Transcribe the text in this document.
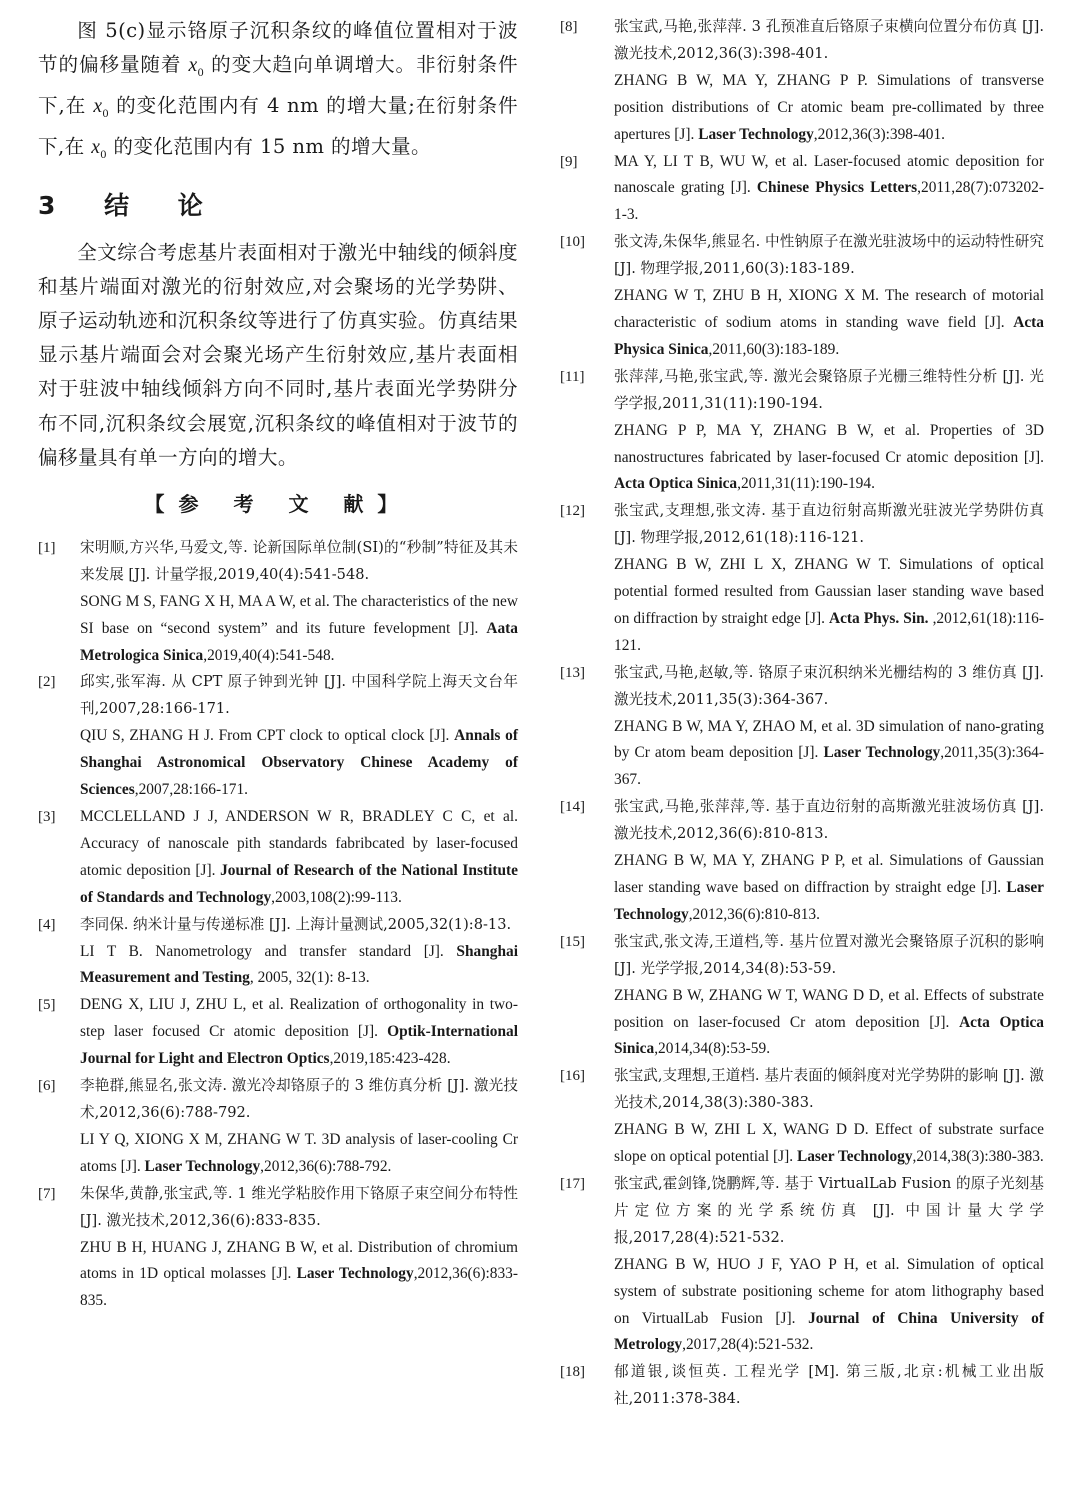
图 5(c)显示铬原子沉积条纹的峰值位置相对于波节的偏移量随着 $x_0$ 的变大趋向单调增大。非衍射条件下,在 $x_0$ 的变化范围内有 4 nm 的增大量;在衍射条件下,在 $x_0$ 的变化范围内有 15 nm 的增大量。

3 结 论

全文综合考虑基片表面相对于激光中轴线的倾斜度和基片端面对激光的衍射效应,对会聚场的光学势阱、原子运动轨迹和沉积条纹等进行了仿真实验。仿真结果显示基片端面会对会聚光场产生衍射效应,基片表面相对于驻波中轴线倾斜方向不同时,基片表面光学势阱分布不同,沉积条纹会展宽,沉积条纹的峰值相对于波节的偏移量具有单一方向的增大。

【参 考 文 献】
[1] 宋明顺,方兴华,马爱文,等. 论新国际单位制(SI)的“秒制”特征及其未来发展 [J]. 计量学报,2019,40(4):541-548.
SONG M S, FANG X H, MA A W, et al. The characteristics of the new SI base on “second system” and its future fevelopment [J]. Aata Metrologica Sinica,2019,40(4):541-548.
[2] 邱实,张军海. 从 CPT 原子钟到光钟 [J]. 中国科学院上海天文台年刊,2007,28:166-171.
QIU S, ZHANG H J. From CPT clock to optical clock [J]. Annals of Shanghai Astronomical Observatory Chinese Academy of Sciences,2007,28:166-171.
[3] MCCLELLAND J J, ANDERSON W R, BRADLEY C C, et al. Accuracy of nanoscale pith standards fabribcated by laser-focused atomic deposition [J]. Journal of Research of the National Institute of Standards and Technology,2003,108(2):99-113.
[4] 李同保. 纳米计量与传递标准 [J]. 上海计量测试,2005,32(1):8-13.
LI T B. Nanometrology and transfer standard [J]. Shanghai Measurement and Testing, 2005, 32(1): 8-13.
[5] DENG X, LIU J, ZHU L, et al. Realization of orthogonality in two-step laser focused Cr atomic deposition [J]. Optik-International Journal for Light and Electron Optics,2019,185:423-428.
[6] 李艳群,熊显名,张文涛. 激光冷却铬原子的 3 维仿真分析 [J]. 激光技术,2012,36(6):788-792.
LI Y Q, XIONG X M, ZHANG W T. 3D analysis of laser-cooling Cr atoms [J]. Laser Technology,2012,36(6):788-792.
[7] 朱保华,黄静,张宝武,等. 1 维光学粘胶作用下铬原子束空间分布特性 [J]. 激光技术,2012,36(6):833-835.
ZHU B H, HUANG J, ZHANG B W, et al. Distribution of chromium atoms in 1D optical molasses [J]. Laser Technology,2012,36(6):833-835.
[8]	张宝武,马艳,张萍萍. 3 孔预准直后铬原子束横向位置分布仿真 [J]. 激光技术,2012,36(3):398-401.
ZHANG B W, MA Y, ZHANG P P. Simulations of transverse position distributions of Cr atomic beam pre-collimated by three apertures [J]. Laser Technology,2012,36(3):398-401.
[9] MA Y, LI T B, WU W, et al. Laser-focused atomic deposition for nanoscale grating [J]. Chinese Physics Letters,2011,28(7):073202-1-3.
[10] 张文涛,朱保华,熊显名. 中性钠原子在激光驻波场中的运动特性研究 [J]. 物理学报,2011,60(3):183-189.
ZHANG W T, ZHU B H, XIONG X M. The research of motorial characteristic of sodium atoms in standing wave field [J]. Acta Physica Sinica,2011,60(3):183-189.
[11] 张萍萍,马艳,张宝武,等. 激光会聚铬原子光栅三维特性分析 [J]. 光学学报,2011,31(11):190-194.
ZHANG P P, MA Y, ZHANG B W, et al. Properties of 3D nanostructures fabricated by laser-focused Cr atomic deposition [J]. Acta Optica Sinica,2011,31(11):190-194.
[12] 张宝武,支理想,张文涛. 基于直边衍射高斯激光驻波光学势阱仿真 [J]. 物理学报,2012,61(18):116-121.
ZHANG B W, ZHI L X, ZHANG W T. Simulations of optical potential formed resulted from Gaussian laser standing wave based on diffraction by straight edge [J]. Acta Phys. Sin. ,2012,61(18):116-121.
[13] 张宝武,马艳,赵敏,等. 铬原子束沉积纳米光栅结构的 3 维仿真 [J]. 激光技术,2011,35(3):364-367.
ZHANG B W, MA Y, ZHAO M, et al. 3D simulation of nano-grating by Cr atom beam deposition [J]. Laser Technology,2011,35(3):364-367.
[14] 张宝武,马艳,张萍萍,等. 基于直边衍射的高斯激光驻波场仿真 [J]. 激光技术,2012,36(6):810-813.
ZHANG B W, MA Y, ZHANG P P, et al. Simulations of Gaussian laser standing wave based on diffraction by straight edge [J]. Laser Technology,2012,36(6):810-813.
[15] 张宝武,张文涛,王道档,等. 基片位置对激光会聚铬原子沉积的影响 [J]. 光学学报,2014,34(8):53-59.
ZHANG B W, ZHANG W T, WANG D D, et al. Effects of substrate position on laser-focused Cr atom deposition [J]. Acta Optica Sinica,2014,34(8):53-59.
[16] 张宝武,支理想,王道档. 基片表面的倾斜度对光学势阱的影响 [J]. 激光技术,2014,38(3):380-383.
ZHANG B W, ZHI L X, WANG D D. Effect of substrate surface slope on optical potential [J]. Laser Technology,2014,38(3):380-383.
[17] 张宝武,霍剑锋,饶鹏辉,等. 基于 VirtualLab Fusion 的原子光刻基片定位方案的光学系统仿真 [J]. 中国计量大学学报,2017,28(4):521-532.
ZHANG B W, HUO J F, YAO P H, et al. Simulation of optical system of substrate positioning scheme for atom lithography based on VirtualLab Fusion [J]. Journal of China University of Metrology,2017,28(4):521-532.
[18] 郁道银,谈恒英. 工程光学 [M]. 第三版,北京:机械工业出版社,2011:378-384.
